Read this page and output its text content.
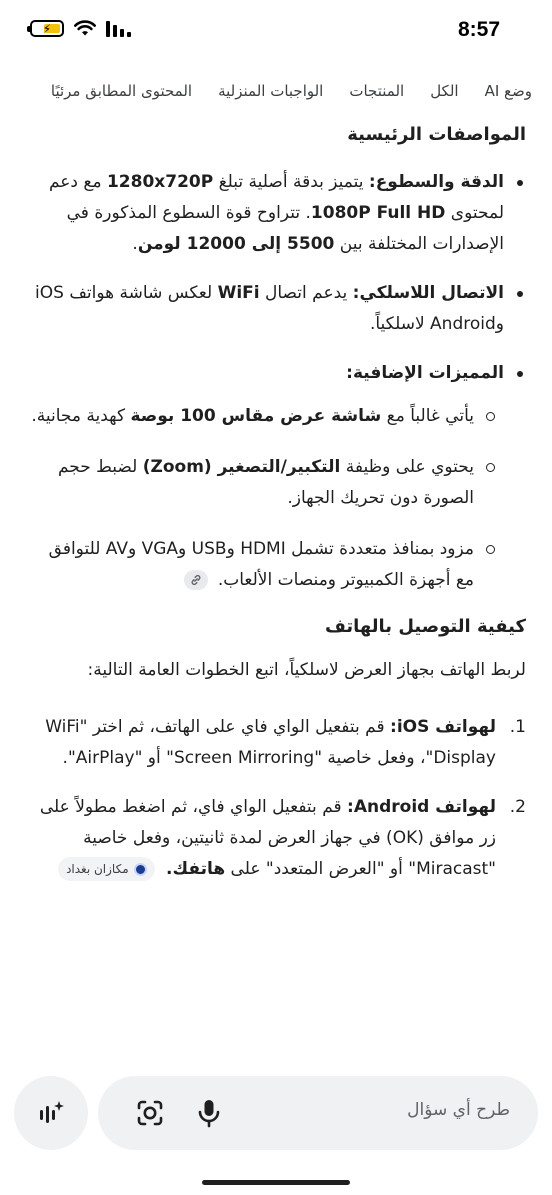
⚡	8:57
وضع AI
الكل
المنتجات
الواجبات المنزلية
المحتوى المطابق مرئيًا
المواصفات الرئيسية
الدقة والسطوع: يتميز بدقة أصلية تبلغ 1280x720P مع دعم لمحتوى 1080P Full HD. تتراوح قوة السطوع المذكورة في الإصدارات المختلفة بين 5500 إلى 12000 لومن.
الاتصال اللاسلكي: يدعم اتصال WiFi لعكس شاشة هواتف iOS وAndroid لاسلكياً.
المميزات الإضافية:
يأتي غالباً مع شاشة عرض مقاس 100 بوصة كهدية مجانية.
يحتوي على وظيفة التكبير/التصغير (Zoom) لضبط حجم الصورة دون تحريك الجهاز.
مزود بمنافذ متعددة تشمل HDMI وUSB وVGA وAV للتوافق مع أجهزة الكمبيوتر ومنصات الألعاب.
كيفية التوصيل بالهاتف

لربط الهاتف بجهاز العرض لاسلكياً، اتبع الخطوات العامة التالية:

1.
لهواتف iOS: قم بتفعيل الواي فاي على الهاتف، ثم اختر "WiFi Display"، وفعل خاصية "Screen Mirroring" أو "AirPlay".
2.
لهواتف Android: قم بتفعيل الواي فاي، ثم اضغط مطولاً على زر موافق (OK) في جهاز العرض لمدة ثانيتين، وفعل خاصية "Miracast" أو "العرض المتعدد" على هاتفك.
مكازان بغداد
طرح أي سؤال
